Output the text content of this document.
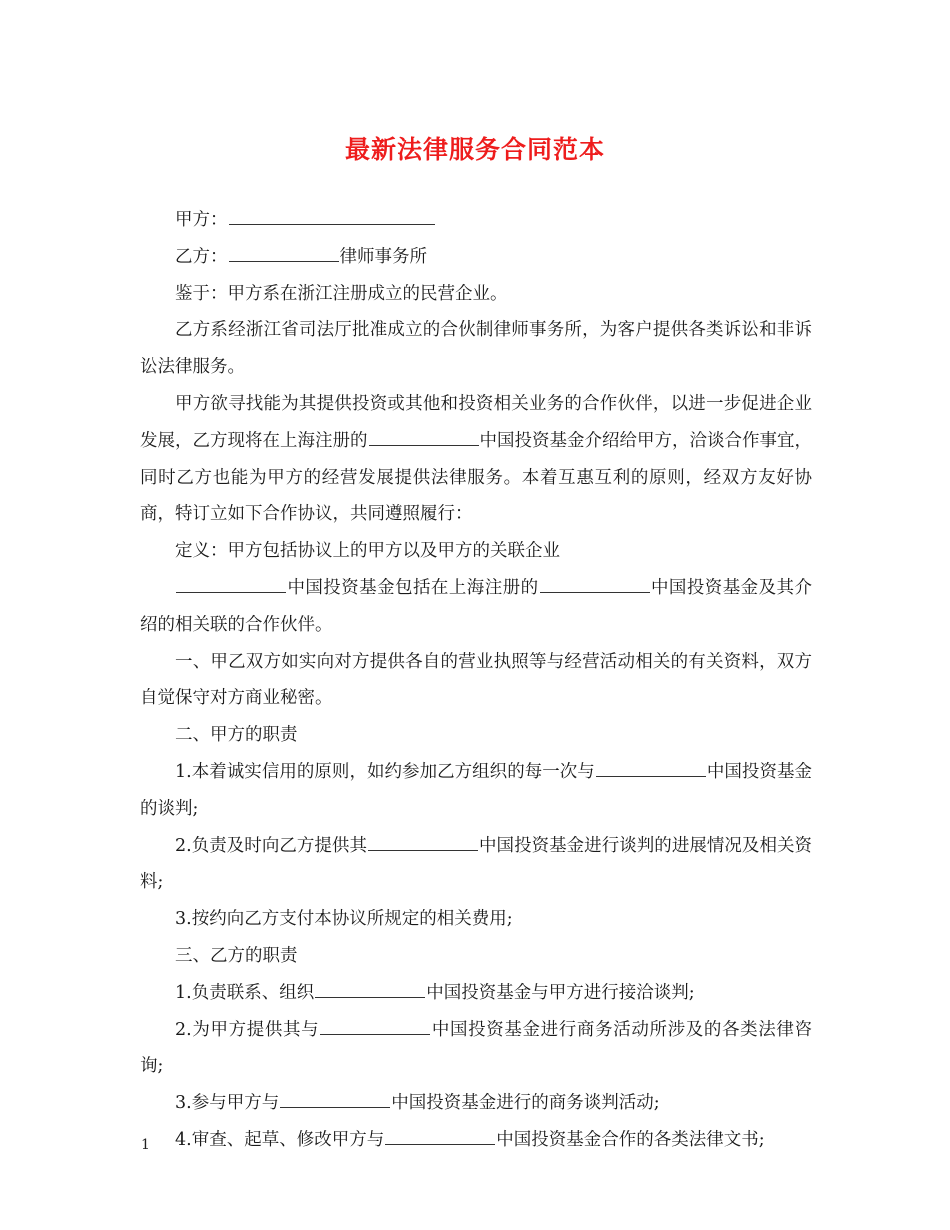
最新法律服务合同范本

甲方：

乙方：	律师事务所

鉴于：甲方系在浙江注册成立的民营企业。

乙方系经浙江省司法厅批准成立的合伙制律师事务所，为客户提供各类诉讼和非诉讼法律服务。

甲方欲寻找能为其提供投资或其他和投资相关业务的合作伙伴，以进一步促进企业发展，乙方现将在上海注册的	中国投资基金介绍给甲方，洽谈合作事宜，同时乙方也能为甲方的经营发展提供法律服务。本着互惠互利的原则，经双方友好协商，特订立如下合作协议，共同遵照履行：

定义：甲方包括协议上的甲方以及甲方的关联企业

中国投资基金包括在上海注册的	中国投资基金及其介绍的相关联的合作伙伴。

一、甲乙双方如实向对方提供各自的营业执照等与经营活动相关的有关资料，双方自觉保守对方商业秘密。

二、甲方的职责

1.本着诚实信用的原则，如约参加乙方组织的每一次与	中国投资基金的谈判;

2.负责及时向乙方提供其	中国投资基金进行谈判的进展情况及相关资料;

3.按约向乙方支付本协议所规定的相关费用;

三、乙方的职责

1.负责联系、组织	中国投资基金与甲方进行接洽谈判;

2.为甲方提供其与	中国投资基金进行商务活动所涉及的各类法律咨询;

3.参与甲方与	中国投资基金进行的商务谈判活动;

4.审查、起草、修改甲方与	中国投资基金合作的各类法律文书;

1
